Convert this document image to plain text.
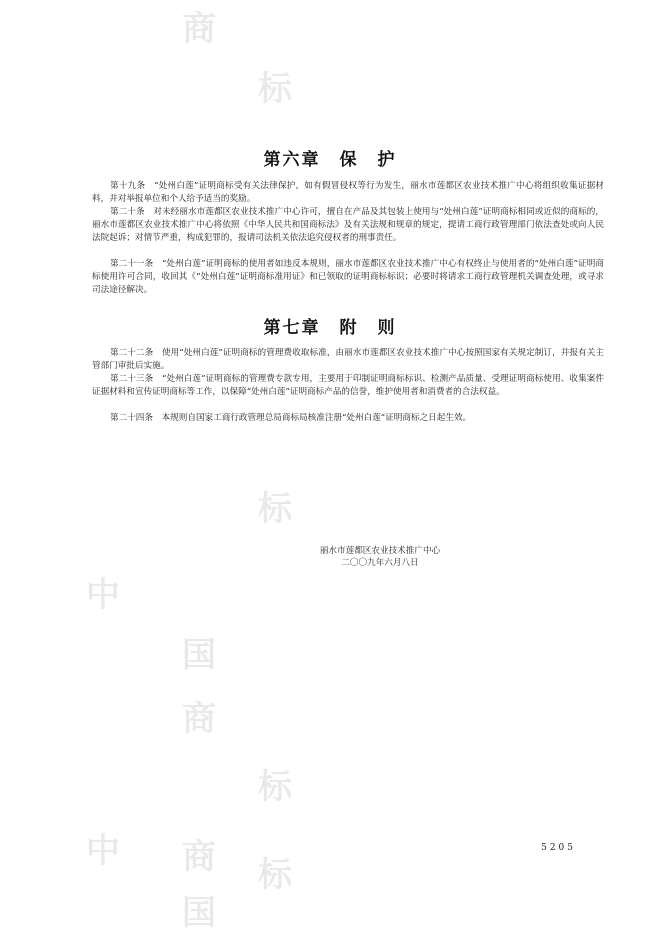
商
标
中
国
商
标
标
中
国
商 标
第六章　保　护

第十九条　“处州白莲”证明商标受有关法律保护，如有假冒侵权等行为发生，丽水市莲都区农业技术推广中心将组织收集证据材料，并对举报单位和个人给予适当的奖励。

第二十条　对未经丽水市莲都区农业技术推广中心许可，擅自在产品及其包装上使用与“处州白莲”证明商标相同或近似的商标的，丽水市莲都区农业技术推广中心将依照《中华人民共和国商标法》及有关法规和规章的规定，提请工商行政管理部门依法查处或向人民法院起诉；对情节严重，构成犯罪的，报请司法机关依法追究侵权者的刑事责任。

第二十一条　“处州白莲”证明商标的使用者如违反本规则，丽水市莲都区农业技术推广中心有权终止与使用者的“处州白莲”证明商标使用许可合同，收回其《“处州白莲”证明商标准用证》和已领取的证明商标标识；必要时将请求工商行政管理机关调查处理，或寻求司法途径解决。

第七章　附　则

第二十二条　使用“处州白莲”证明商标的管理费收取标准，由丽水市莲都区农业技术推广中心按照国家有关规定制订，并报有关主管部门审批后实施。

第二十三条　“处州白莲”证明商标的管理费专款专用，主要用于印制证明商标标识、检测产品质量、受理证明商标使用、收集案件证据材料和宣传证明商标等工作，以保障“处州白莲”证明商标产品的信誉，维护使用者和消费者的合法权益。

第二十四条　本规则自国家工商行政管理总局商标局核准注册“处州白莲”证明商标之日起生效。

丽水市莲都区农业技术推广中心
二〇〇九年六月八日
5205
